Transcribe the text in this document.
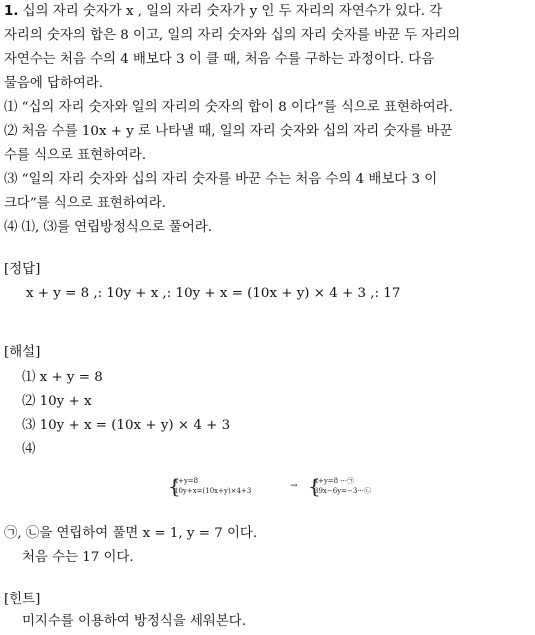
1. 십의 자리 숫자가 x , 일의 자리 숫자가 y 인 두 자리의 자연수가 있다. 각
자리의 숫자의 합은 8 이고, 일의 자리 숫자와 십의 자리 숫자를 바꾼 두 자리의
자연수는 처음 수의 4 배보다 3 이 클 때, 처음 수를 구하는 과정이다. 다음
물음에 답하여라.
⑴ “십의 자리 숫자와 일의 자리의 숫자의 합이 8 이다”를 식으로 표현하여라.
⑵ 처음 수를 10x + y 로 나타낼 때, 일의 자리 숫자와 십의 자리 숫자를 바꾼
수를 식으로 표현하여라.
⑶ “일의 자리 숫자와 십의 자리 숫자를 바꾼 수는 처음 수의 4 배보다 3 이
크다”를 식으로 표현하여라.
⑷ ⑴, ⑶를 연립방정식으로 풀어라.
[정답]
x + y = 8 ,: 10y + x ,: 10y + x = (10x + y) × 4 + 3 ,: 17
[해설]
⑴ x + y = 8
⑵ 10y + x
⑶ 10y + x = (10x + y) × 4 + 3
⑷
{
x+y=8
10y+x=(10x+y)×4+3	→ {
x+y=8 ···㉠
39x−6y=−3···㉡
㉠, ㉡을 연립하여 풀면 x = 1, y = 7 이다.
처음 수는 17 이다.
[힌트]
미지수를 이용하여 방정식을 세워본다.
